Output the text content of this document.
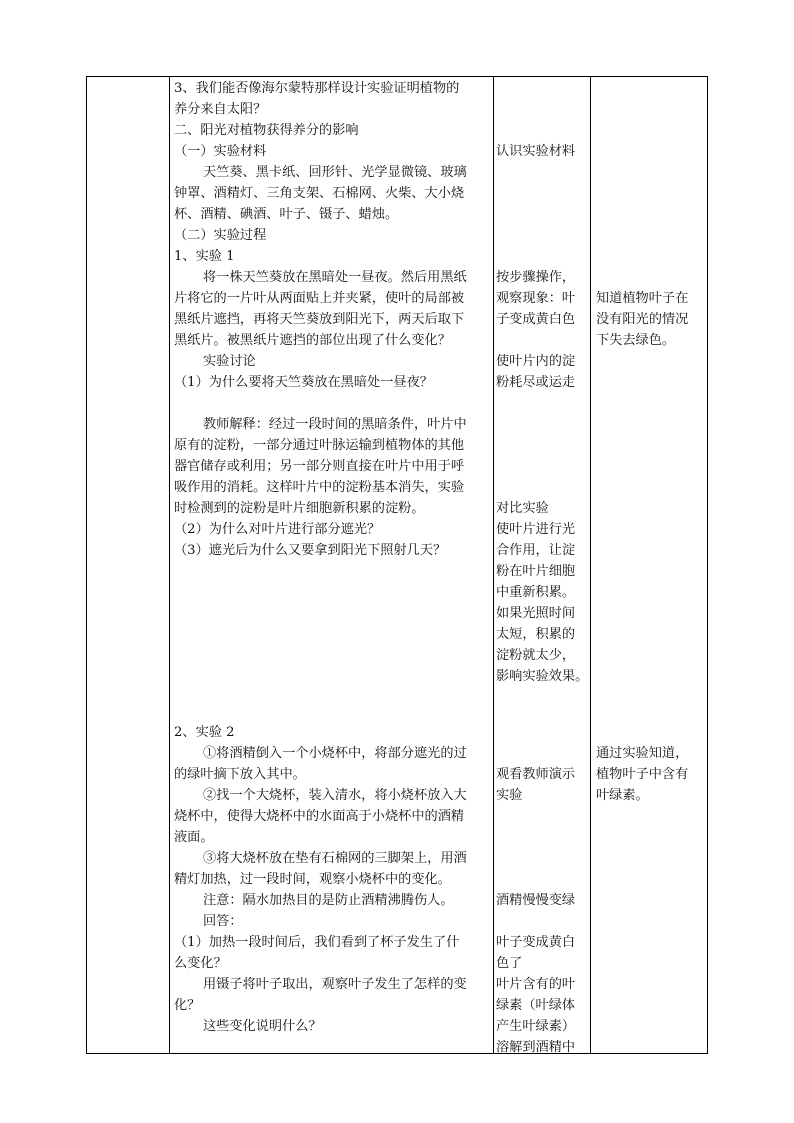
3、我们能否像海尔蒙特那样设计实验证明植物的

养分来自太阳？

二、阳光对植物获得养分的影响

（一）实验材料

天竺葵、黑卡纸、回形针、光学显微镜、玻璃

钟罩、酒精灯、三角支架、石棉网、火柴、大小烧

杯、酒精、碘酒、叶子、镊子、蜡烛。

（二）实验过程

1、实验 1

将一株天竺葵放在黑暗处一昼夜。然后用黑纸

片将它的一片叶从两面贴上并夹紧，使叶的局部被

黑纸片遮挡，再将天竺葵放到阳光下，两天后取下

黑纸片。被黑纸片遮挡的部位出现了什么变化？

实验讨论

（1）为什么要将天竺葵放在黑暗处一昼夜？

教师解释：经过一段时间的黑暗条件，叶片中

原有的淀粉，一部分通过叶脉运输到植物体的其他

器官储存或利用；另一部分则直接在叶片中用于呼

吸作用的消耗。这样叶片中的淀粉基本消失，实验

时检测到的淀粉是叶片细胞新积累的淀粉。

（2）为什么对叶片进行部分遮光？

（3）遮光后为什么又要拿到阳光下照射几天？

2、实验 2

①将酒精倒入一个小烧杯中，将部分遮光的过

的绿叶摘下放入其中。

②找一个大烧杯，装入清水，将小烧杯放入大

烧杯中，使得大烧杯中的水面高于小烧杯中的酒精

液面。

③将大烧杯放在垫有石棉网的三脚架上，用酒

精灯加热，过一段时间，观察小烧杯中的变化。

注意：隔水加热目的是防止酒精沸腾伤人。

回答：

（1）加热一段时间后，我们看到了杯子发生了什

么变化？

用镊子将叶子取出，观察叶子发生了怎样的变

化？

这些变化说明什么？

认识实验材料

按步骤操作，

观察现象：叶

子变成黄白色

使叶片内的淀

粉耗尽或运走

对比实验

使叶片进行光

合作用，让淀

粉在叶片细胞

中重新积累。

如果光照时间

太短，积累的

淀粉就太少，

影响实验效果。

观看教师演示

实验

酒精慢慢变绿

叶子变成黄白

色了

叶片含有的叶

绿素（叶绿体

产生叶绿素）

溶解到酒精中

知道植物叶子在

没有阳光的情况

下失去绿色。

通过实验知道，

植物叶子中含有

叶绿素。
